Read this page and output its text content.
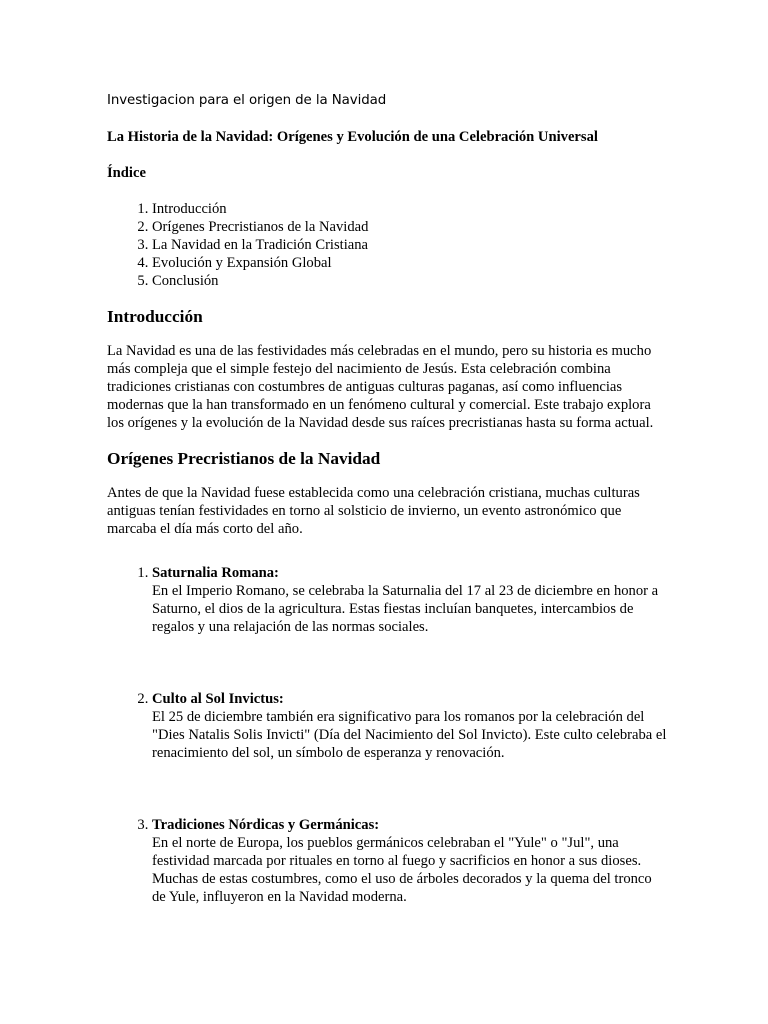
Investigacion para el origen de la Navidad
La Historia de la Navidad: Orígenes y Evolución de una Celebración Universal
Índice
1. Introducción
2. Orígenes Precristianos de la Navidad
3. La Navidad en la Tradición Cristiana
4. Evolución y Expansión Global
5. Conclusión
Introducción

La Navidad es una de las festividades más celebradas en el mundo, pero su historia es mucho más compleja que el simple festejo del nacimiento de Jesús. Esta celebración combina tradiciones cristianas con costumbres de antiguas culturas paganas, así como influencias modernas que la han transformado en un fenómeno cultural y comercial. Este trabajo explora los orígenes y la evolución de la Navidad desde sus raíces precristianas hasta su forma actual.

Orígenes Precristianos de la Navidad

Antes de que la Navidad fuese establecida como una celebración cristiana, muchas culturas antiguas tenían festividades en torno al solsticio de invierno, un evento astronómico que marcaba el día más corto del año.

1. Saturnalia Romana:
En el Imperio Romano, se celebraba la Saturnalia del 17 al 23 de diciembre en honor a Saturno, el dios de la agricultura. Estas fiestas incluían banquetes, intercambios de regalos y una relajación de las normas sociales.
2. Culto al Sol Invictus:
El 25 de diciembre también era significativo para los romanos por la celebración del "Dies Natalis Solis Invicti" (Día del Nacimiento del Sol Invicto). Este culto celebraba el renacimiento del sol, un símbolo de esperanza y renovación.
3. Tradiciones Nórdicas y Germánicas:
En el norte de Europa, los pueblos germánicos celebraban el "Yule" o "Jul", una festividad marcada por rituales en torno al fuego y sacrificios en honor a sus dioses. Muchas de estas costumbres, como el uso de árboles decorados y la quema del tronco de Yule, influyeron en la Navidad moderna.
